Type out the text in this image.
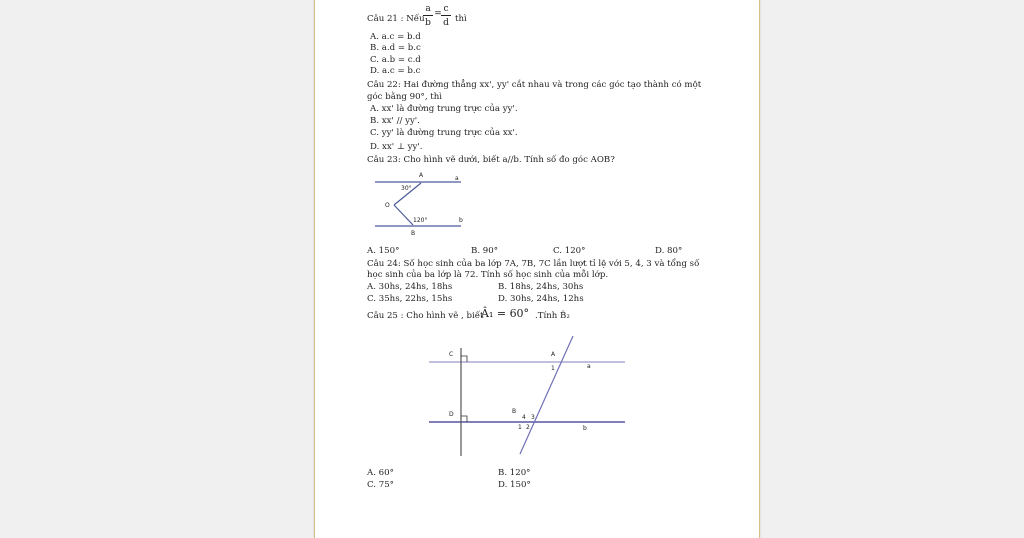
Câu 21 : Nếu
a
b
= c
d thì
A. a.c = b.d
B. a.d = b.c
C. a.b = c.d
D. a.c = b.c
Câu 22: Hai đường thẳng xx', yy' cắt nhau và trong các góc tạo thành có một
góc bằng 90°, thì
A. xx' là đường trung trực của yy'.
B. xx' // yy'.
C. yy' là đường trung trực của xx'.
D. xx' ⊥ yy'.
Câu 23: Cho hình vẽ dưới, biết a//b. Tính số đo góc AOB?
A	a
30°
O
120°	b
B
A. 150°	B. 90°	C. 120°	D. 80°
Câu 24: Số học sinh của ba lớp 7A, 7B, 7C lần lượt tỉ lệ với 5, 4, 3 và tổng số
học sinh của ba lớp là 72. Tính số học sinh của mỗi lớp.
A. 30hs, 24hs, 18hs	B. 18hs, 24hs, 30hs
C. 35hs, 22hs, 15hs	D. 30hs, 24hs, 12hs
Câu 25 : Cho hình vẽ , biết
Â₁ = 60° .Tính B̂₂
C	A
1	a
D	B
4 3
1 2	b
A. 60°	B. 120°
C. 75°	D. 150°
